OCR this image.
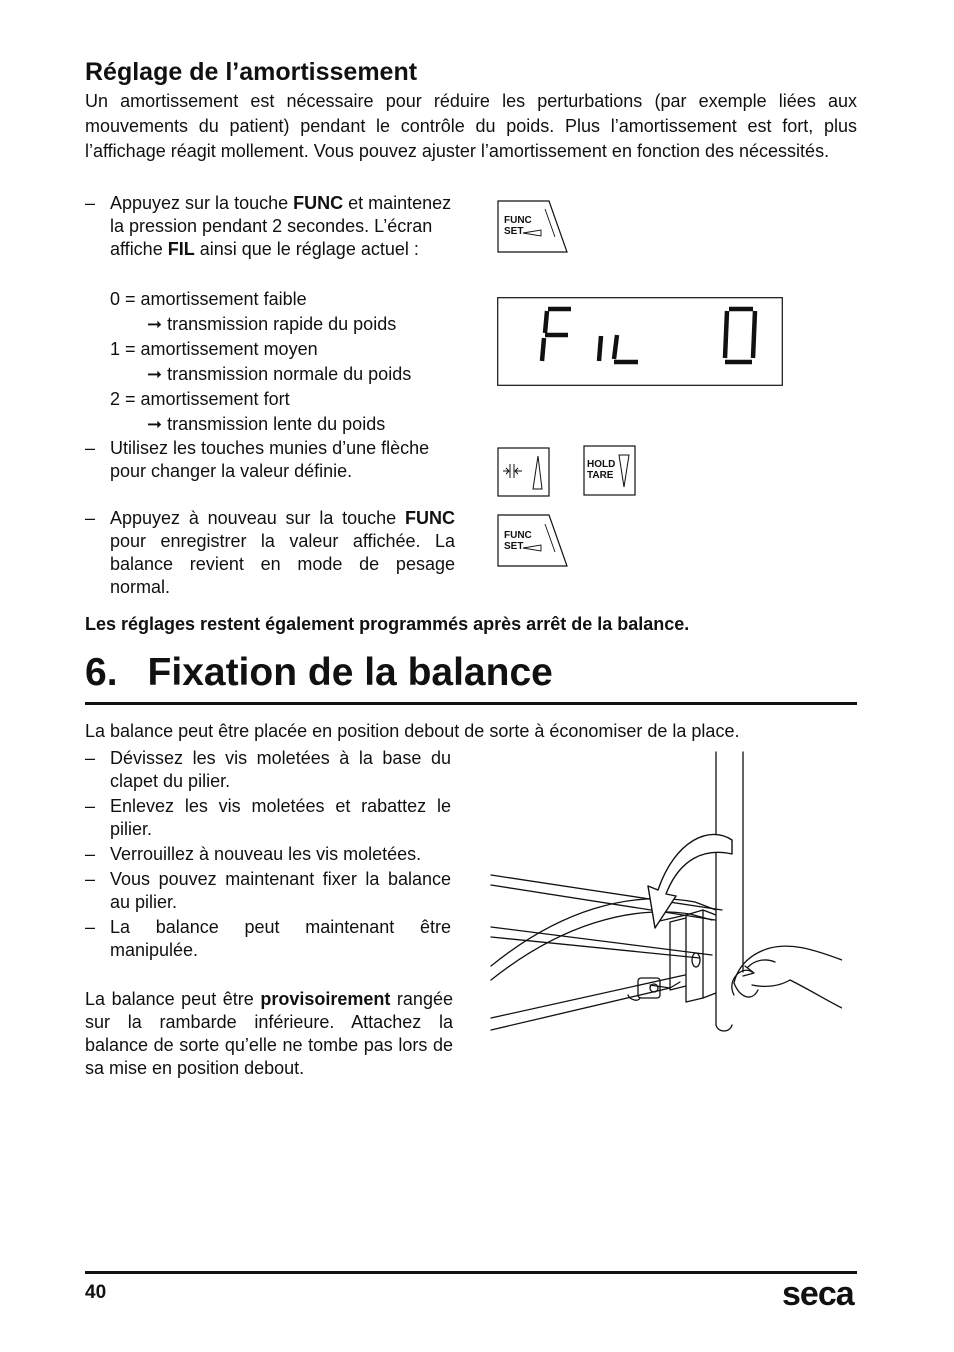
Réglage de l’amortissement
Un amortissement est nécessaire pour réduire les perturbations (par exemple liées aux mouvements du patient) pendant le contrôle du poids. Plus l’amortissement est fort, plus l’affichage réagit mollement. Vous pouvez ajuster l’amortissement en fonction des nécessités.
– Appuyez sur la touche FUNC et maintenez la pression pendant 2 secondes. L’écran affiche FIL ainsi que le réglage actuel :
0 = amortissement faible
➞ transmission rapide du poids
1 = amortissement moyen
➞ transmission normale du poids
2 = amortissement fort
➞ transmission lente du poids
– Utilisez les touches munies d’une flèche pour changer la valeur définie.
– Appuyez à nouveau sur la touche FUNC pour enregistrer la valeur affichée. La balance revient en mode de pesage normal.
FUNC
SET
HOLD
TARE
FUNC
SET
Les réglages restent également programmés après arrêt de la balance.
6. Fixation de la balance
La balance peut être placée en position debout de sorte à économiser de la place.
– Dévissez les vis moletées à la base du clapet du pilier.
– Enlevez les vis moletées et rabattez le pilier.
– Verrouillez à nouveau les vis moletées.
– Vous pouvez maintenant fixer la balance au pilier.
– La balance peut maintenant être manipulée.
La balance peut être provisoirement rangée sur la rambarde inférieure. Attachez la balance de sorte qu’elle ne tombe pas lors de sa mise en position debout.
40	seca
